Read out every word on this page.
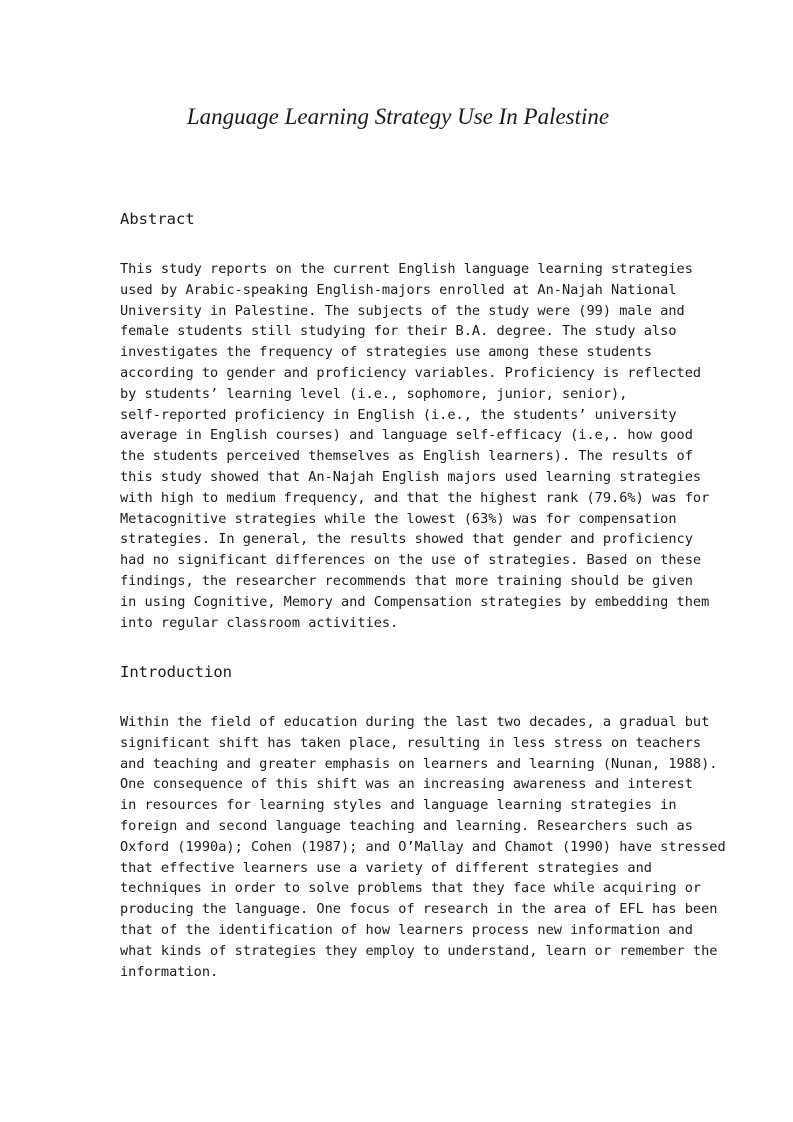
Language Learning Strategy Use In Palestine
Abstract
This study reports on the current English language learning strategies
used by Arabic-speaking English-majors enrolled at An-Najah National
University in Palestine. The subjects of the study were (99) male and
female students still studying for their B.A. degree. The study also
investigates the frequency of strategies use among these students
according to gender and proficiency variables. Proficiency is reflected
by students’ learning level (i.e., sophomore, junior, senior),
self-reported proficiency in English (i.e., the students’ university
average in English courses) and language self-efficacy (i.e,. how good
the students perceived themselves as English learners). The results of
this study showed that An-Najah English majors used learning strategies
with high to medium frequency, and that the highest rank (79.6%) was for
Metacognitive strategies while the lowest (63%) was for compensation
strategies. In general, the results showed that gender and proficiency
had no significant differences on the use of strategies. Based on these
findings, the researcher recommends that more training should be given
in using Cognitive, Memory and Compensation strategies by embedding them
into regular classroom activities.
Introduction
Within the field of education during the last two decades, a gradual but
significant shift has taken place, resulting in less stress on teachers
and teaching and greater emphasis on learners and learning (Nunan, 1988).
One consequence of this shift was an increasing awareness and interest
in resources for learning styles and language learning strategies in
foreign and second language teaching and learning. Researchers such as
Oxford (1990a); Cohen (1987); and O’Mallay and Chamot (1990) have stressed
that effective learners use a variety of different strategies and
techniques in order to solve problems that they face while acquiring or
producing the language. One focus of research in the area of EFL has been
that of the identification of how learners process new information and
what kinds of strategies they employ to understand, learn or remember the
information.
